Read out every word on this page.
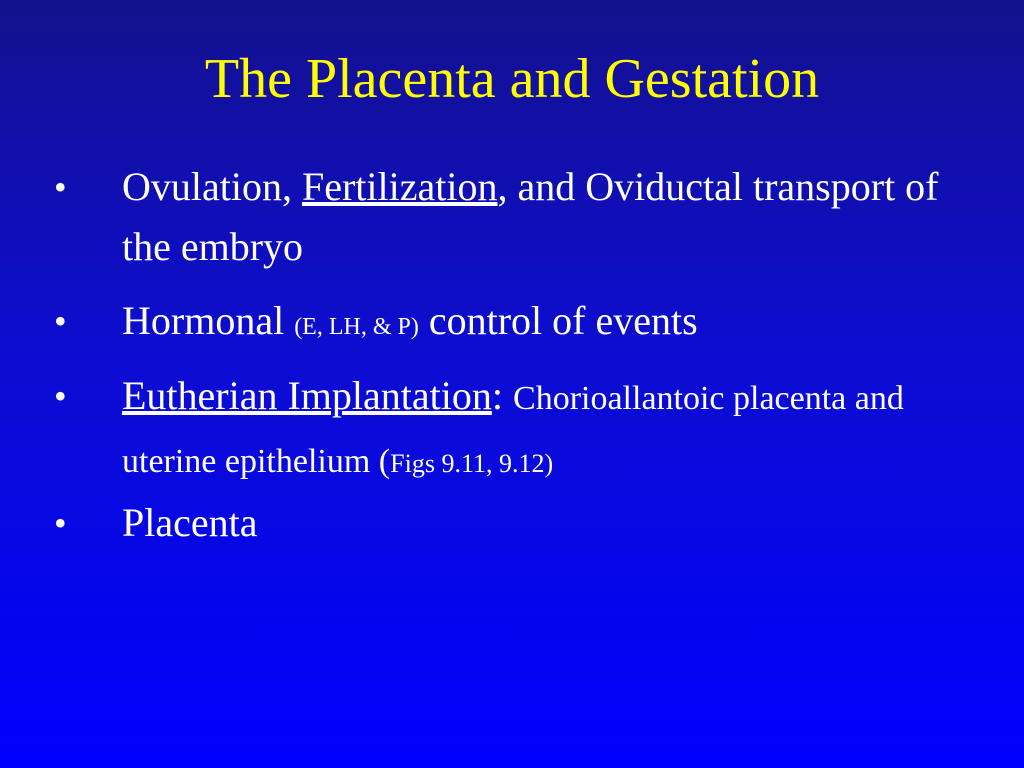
The Placenta and Gestation
• Ovulation, Fertilization, and Oviductal transport of the embryo
• Hormonal (E, LH, & P) control of events
• Eutherian Implantation: Chorioallantoic placenta and uterine epithelium (Figs 9.11, 9.12)
• Placenta
